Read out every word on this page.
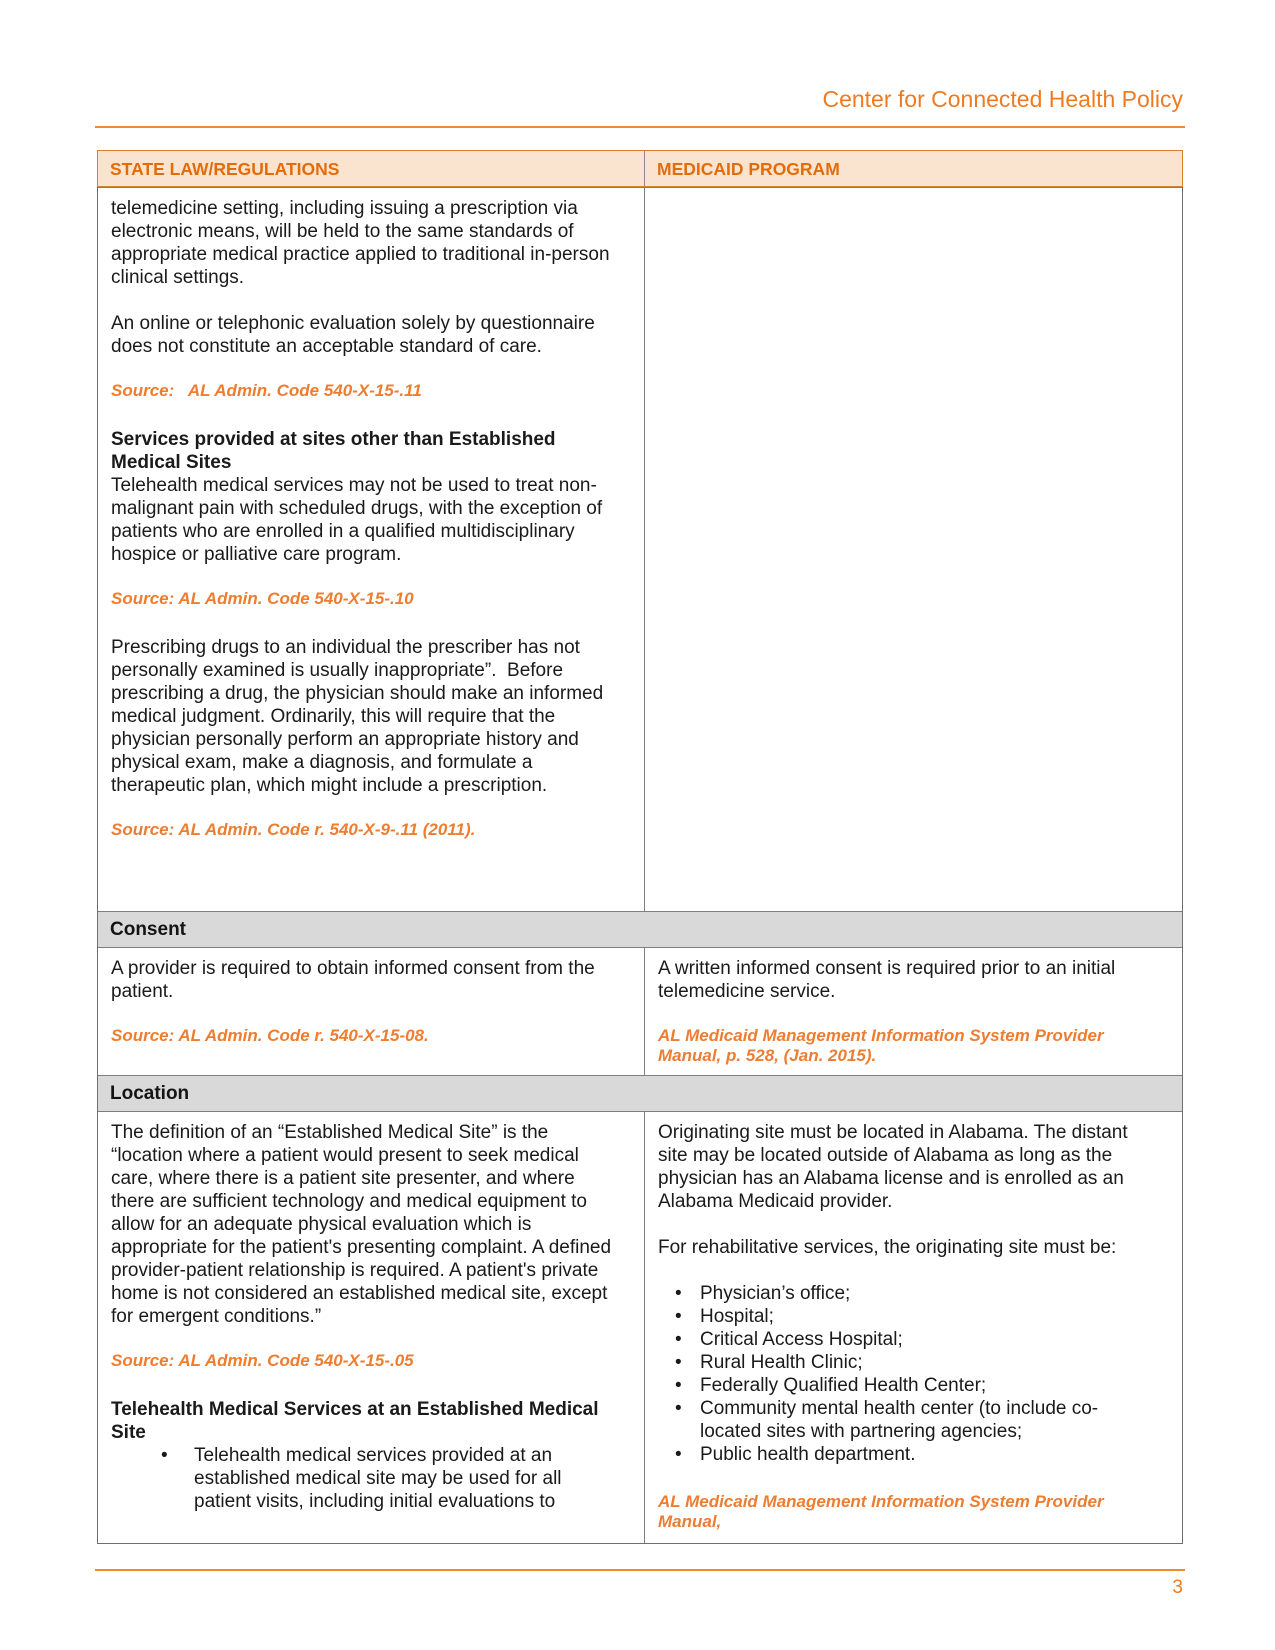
Center for Connected Health Policy
STATE LAW/REGULATIONS	MEDICAID PROGRAM

telemedicine setting, including issuing a prescription via electronic means, will be held to the same standards of appropriate medical practice applied to traditional in-person clinical settings.

An online or telephonic evaluation solely by questionnaire does not constitute an acceptable standard of care.

Source:   AL Admin. Code 540-X-15-.11

Services provided at sites other than Established Medical Sites

Telehealth medical services may not be used to treat non-malignant pain with scheduled drugs, with the exception of patients who are enrolled in a qualified multidisciplinary hospice or palliative care program.

Source: AL Admin. Code 540-X-15-.10

Prescribing drugs to an individual the prescriber has not personally examined is usually inappropriate”.  Before prescribing a drug, the physician should make an informed medical judgment. Ordinarily, this will require that the physician personally perform an appropriate history and physical exam, make a diagnosis, and formulate a therapeutic plan, which might include a prescription.

Source: AL Admin. Code r. 540-X-9-.11 (2011).

Consent

A provider is required to obtain informed consent from the patient.

Source: AL Admin. Code r. 540-X-15-08.

A written informed consent is required prior to an initial telemedicine service.

AL Medicaid Management Information System Provider Manual, p. 528, (Jan. 2015).

Location

The definition of an “Established Medical Site” is the “location where a patient would present to seek medical care, where there is a patient site presenter, and where there are sufficient technology and medical equipment to allow for an adequate physical evaluation which is appropriate for the patient's presenting complaint. A defined provider-patient relationship is required. A patient's private home is not considered an established medical site, except for emergent conditions.”

Source: AL Admin. Code 540-X-15-.05

Telehealth Medical Services at an Established Medical Site

•	Telehealth medical services provided at an established medical site may be used for all patient visits, including initial evaluations to

Originating site must be located in Alabama. The distant site may be located outside of Alabama as long as the physician has an Alabama license and is enrolled as an Alabama Medicaid provider.

For rehabilitative services, the originating site must be:

• Physician’s office;
• Hospital;
• Critical Access Hospital;
• Rural Health Clinic;
• Federally Qualified Health Center;
• Community mental health center (to include co-located sites with partnering agencies;
• Public health department.

AL Medicaid Management Information System Provider Manual,

3
